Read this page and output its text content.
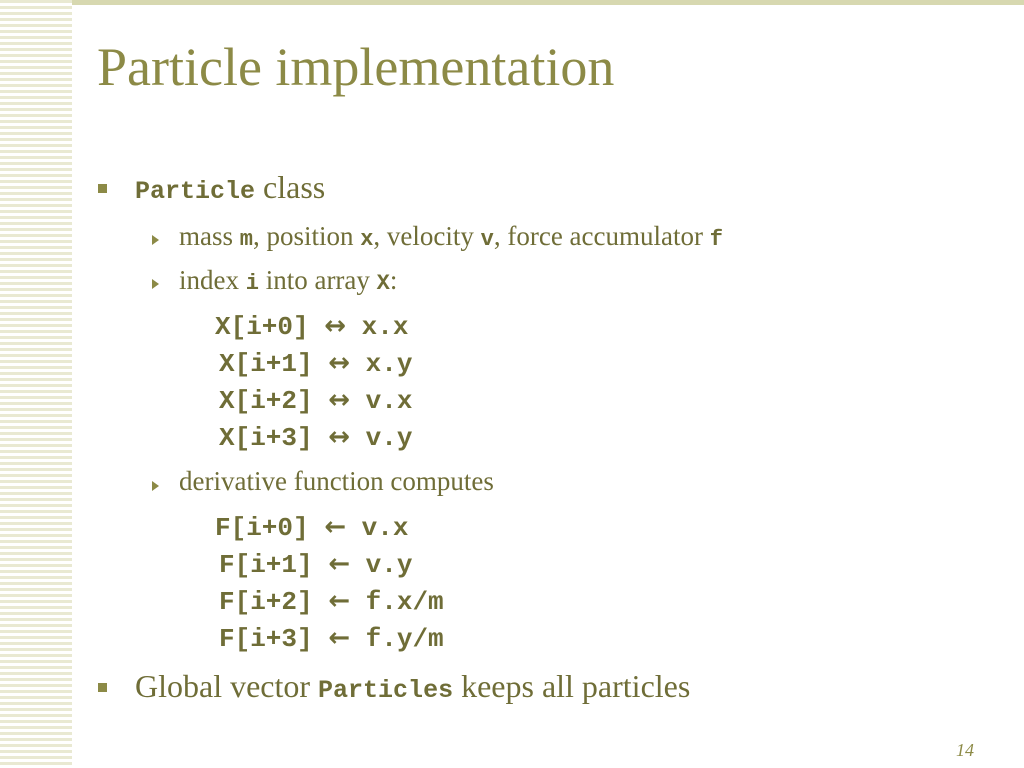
Particle implementation
Particle class
mass m, position x, velocity v, force accumulator f
index i into array X:
X[i+0] ↔ x.x
X[i+1] ↔ x.y
X[i+2] ↔ v.x
X[i+3] ↔ v.y
derivative function computes
F[i+0] ← v.x
F[i+1] ← v.y
F[i+2] ← f.x/m
F[i+3] ← f.y/m
Global vector Particles keeps all particles
14
